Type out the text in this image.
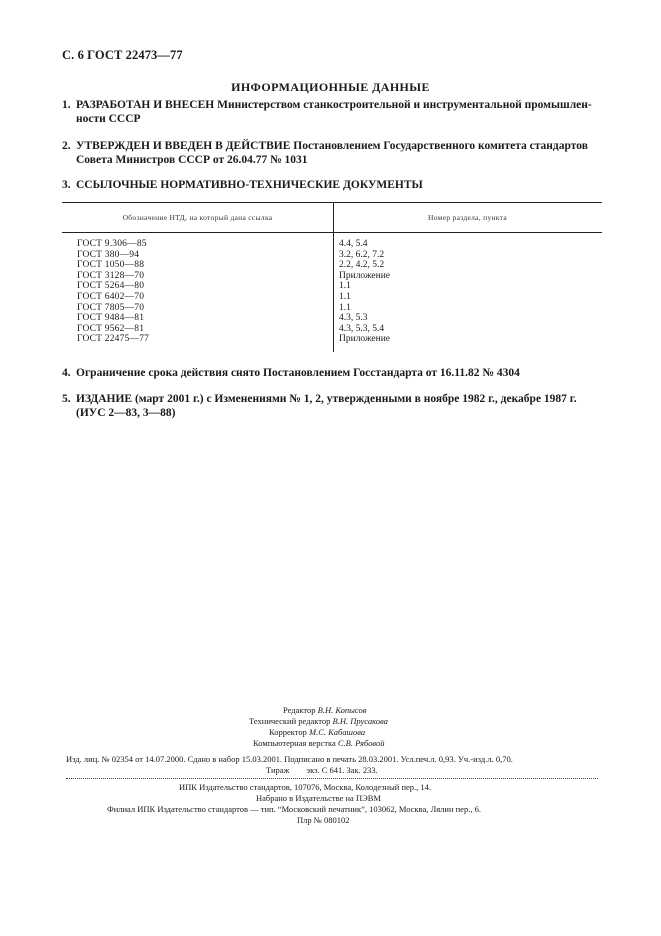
С. 6 ГОСТ 22473—77
ИНФОРМАЦИОННЫЕ ДАННЫЕ
1. РАЗРАБОТАН И ВНЕСЕН Министерством станкостроительной и инструментальной промышлен-ности СССР
2. УТВЕРЖДЕН И ВВЕДЕН В ДЕЙСТВИЕ Постановлением Государственного комитета стандартов Совета Министров СССР от 26.04.77 № 1031
3. ССЫЛОЧНЫЕ НОРМАТИВНО-ТЕХНИЧЕСКИЕ ДОКУМЕНТЫ
Обозначение НТД, на который дана ссылка	Номер раздела, пункта
ГОСТ 9.306—85	4.4, 5.4
ГОСТ 380—94	3.2, 6.2, 7.2
ГОСТ 1050—88	2.2, 4.2, 5.2
ГОСТ 3128—70	Приложение
ГОСТ 5264—80	1.1
ГОСТ 6402—70	1.1
ГОСТ 7805—70	1.1
ГОСТ 9484—81	4.3, 5.3
ГОСТ 9562—81	4.3, 5.3, 5.4
ГОСТ 22475—77	Приложение
4. Ограничение срока действия снято Постановлением Госстандарта от 16.11.82 № 4304
5. ИЗДАНИЕ (март 2001 г.) с Изменениями № 1, 2, утвержденными в ноябре 1982 г., декабре 1987 г. (ИУС 2—83, 3—88)
Редактор В.Н. Копысов
Технический редактор В.Н. Прусакова
Корректор М.С. Кабашова
Компьютерная верстка С.В. Рябовой
Изд. лиц. № 02354 от 14.07.2000. Сдано в набор 15.03.2001. Подписано в печать 28.03.2001. Усл.печ.л. 0,93. Уч.-изд.л. 0,70.
Тираж        экз. С 641. Зак. 233.
ИПК Издательство стандартов, 107076, Москва, Колодезный пер., 14.
Набрано в Издательстве на ПЭВМ
Филиал ИПК Издательство стандартов — тип. “Московский печатник”, 103062, Москва, Лялин пер., 6.
Плр № 080102
